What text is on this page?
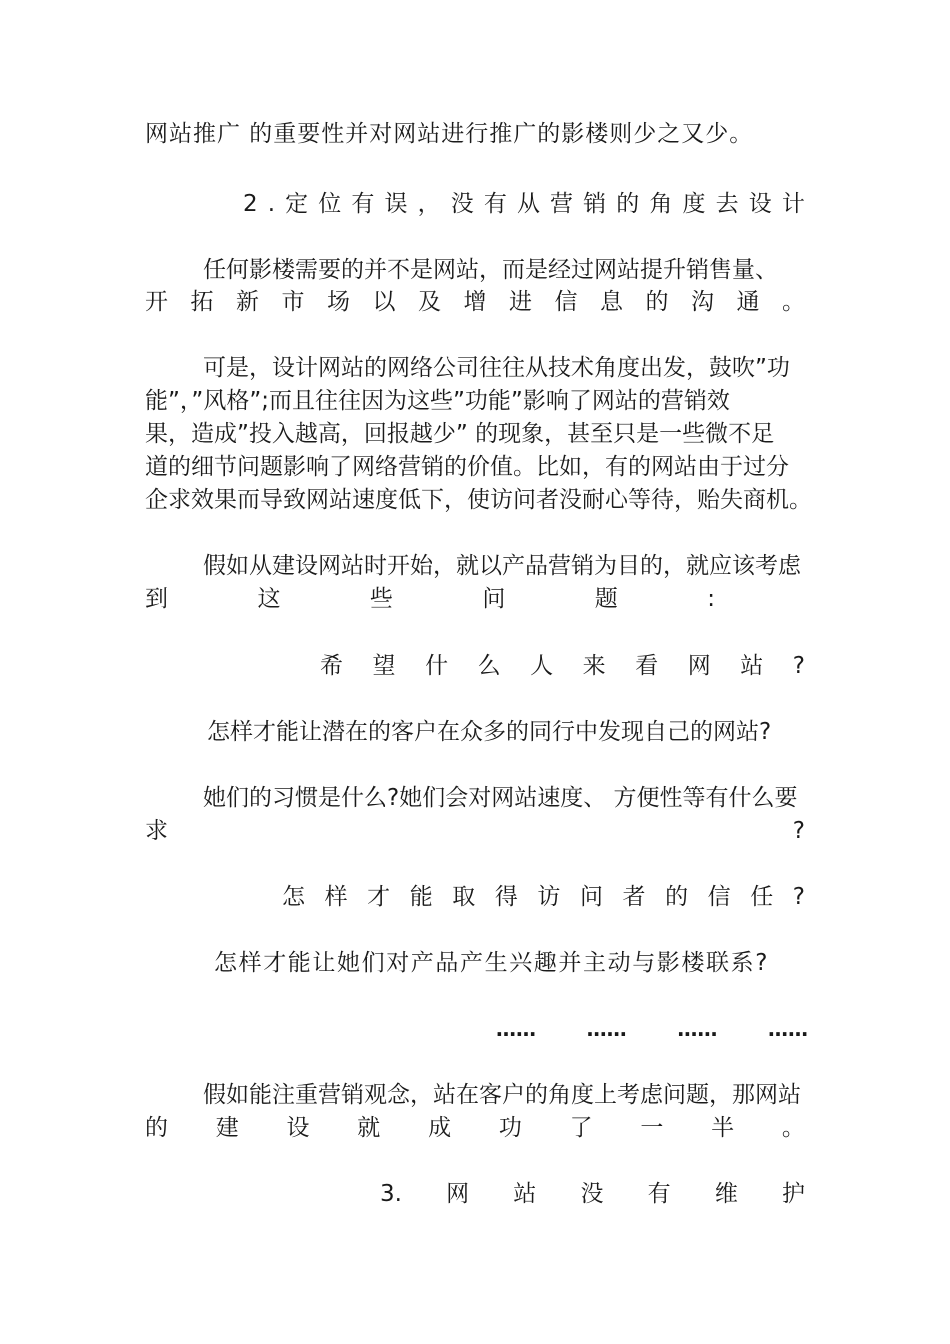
网站推广 的重要性并对网站进行推广的影楼则少之又少。
2 . 定 位 有 误 ， 没 有 从 营 销 的 角 度 去 设 计
任何影楼需要的并不是网站，而是经过网站提升销售量、
开 拓 新 市 场 以 及 增 进 信 息 的 沟 通 。
可是，设计网站的网络公司往往从技术角度出发，鼓吹”功
能”，”风格”;而且往往因为这些”功能”影响了网站的营销效
果，造成”投入越高，回报越少” 的现象，甚至只是一些微不足
道的细节问题影响了网络营销的价值。比如，有的网站由于过分
企求效果而导致网站速度低下，使访问者没耐心等待，贻失商机。
假如从建设网站时开始，就以产品营销为目的，就应该考虑
到	这	些	问	题	:
希 望 什 么 人 来 看 网 站 ?
怎样才能让潜在的客户在众多的同行中发现自己的网站?
她们的习惯是什么?她们会对网站速度、 方便性等有什么要
求	?
怎 样 才 能 取 得 访 问 者 的 信 任 ?
怎样才能让她们对产品产生兴趣并主动与影楼联系?
……	……	……	……
假如能注重营销观念，站在客户的角度上考虑问题，那网站
的 建 设 就 成 功 了 一 半 。
3. 网 站 没 有 维 护
